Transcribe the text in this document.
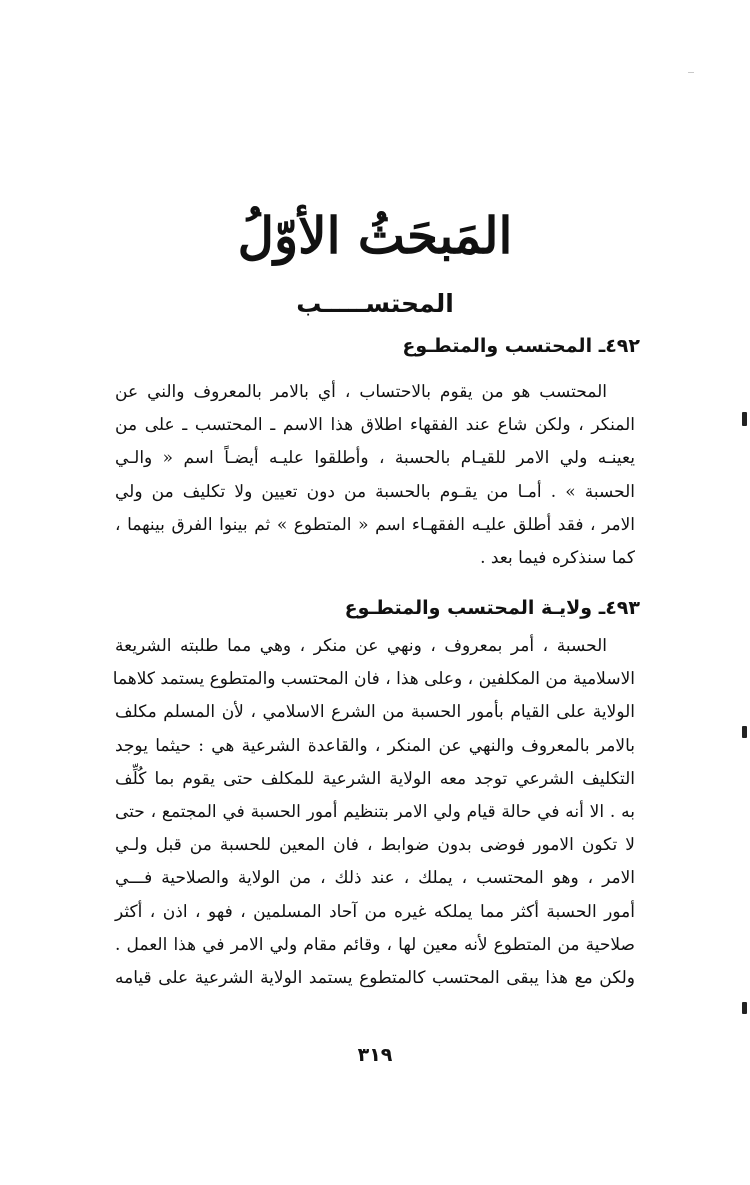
المَبحَثُ الأوّلُ
المحتســـــب
٤٩٢ـ المحتسب والمتطـوع
المحتسب هو من يقوم بالاحتساب ، أي بالامر بالمعروف والني عن
المنكر ، ولكن شاع عند الفقهاء اطلاق هذا الاسم ـ المحتسب ـ على من
يعينـه ولي الامر للقيـام بالحسبة ، وأطلقوا عليـه أيضـاً اسم « والـي
الحسبة » . أمـا من يقـوم بالحسبة من دون تعيين ولا تكليف من ولي
الامر ، فقد أطلق عليـه الفقهـاء اسم « المتطوع » ثم بينوا الفرق بينهما ،
كما سنذكره فيما بعد .
٤٩٣ـ ولايـة المحتسب والمتطـوع
الحسبة ، أمر بمعروف ، ونهي عن منكر ، وهي مما طلبته الشريعة
الاسلامية من المكلفين ، وعلى هذا ، فان المحتسب والمتطوع يستمد كلاهما
الولاية على القيام بأمور الحسبة من الشرع الاسلامي ، لأن المسلم مكلف
بالامر بالمعروف والنهي عن المنكر ، والقاعدة الشرعية هي : حيثما يوجد
التكليف الشرعي توجد معه الولاية الشرعية للمكلف حتى يقوم بما كُلِّف
به . الا أنه في حالة قيام ولي الامر بتنظيم أمور الحسبة في المجتمع ، حتى
لا تكون الامور فوضى بدون ضوابط ، فان المعين للحسبة من قبل ولـي
الامر ، وهو المحتسب ، يملك ، عند ذلك ، من الولاية والصلاحية فـــي
أمور الحسبة أكثر مما يملكه غيره من آحاد المسلمين ، فهو ، اذن ، أكثر
صلاحية من المتطوع لأنه معين لها ، وقائم مقام ولي الامر في هذا العمل .
ولكن مع هذا يبقى المحتسب كالمتطوع يستمد الولاية الشرعية على قيامه
٣١٩
